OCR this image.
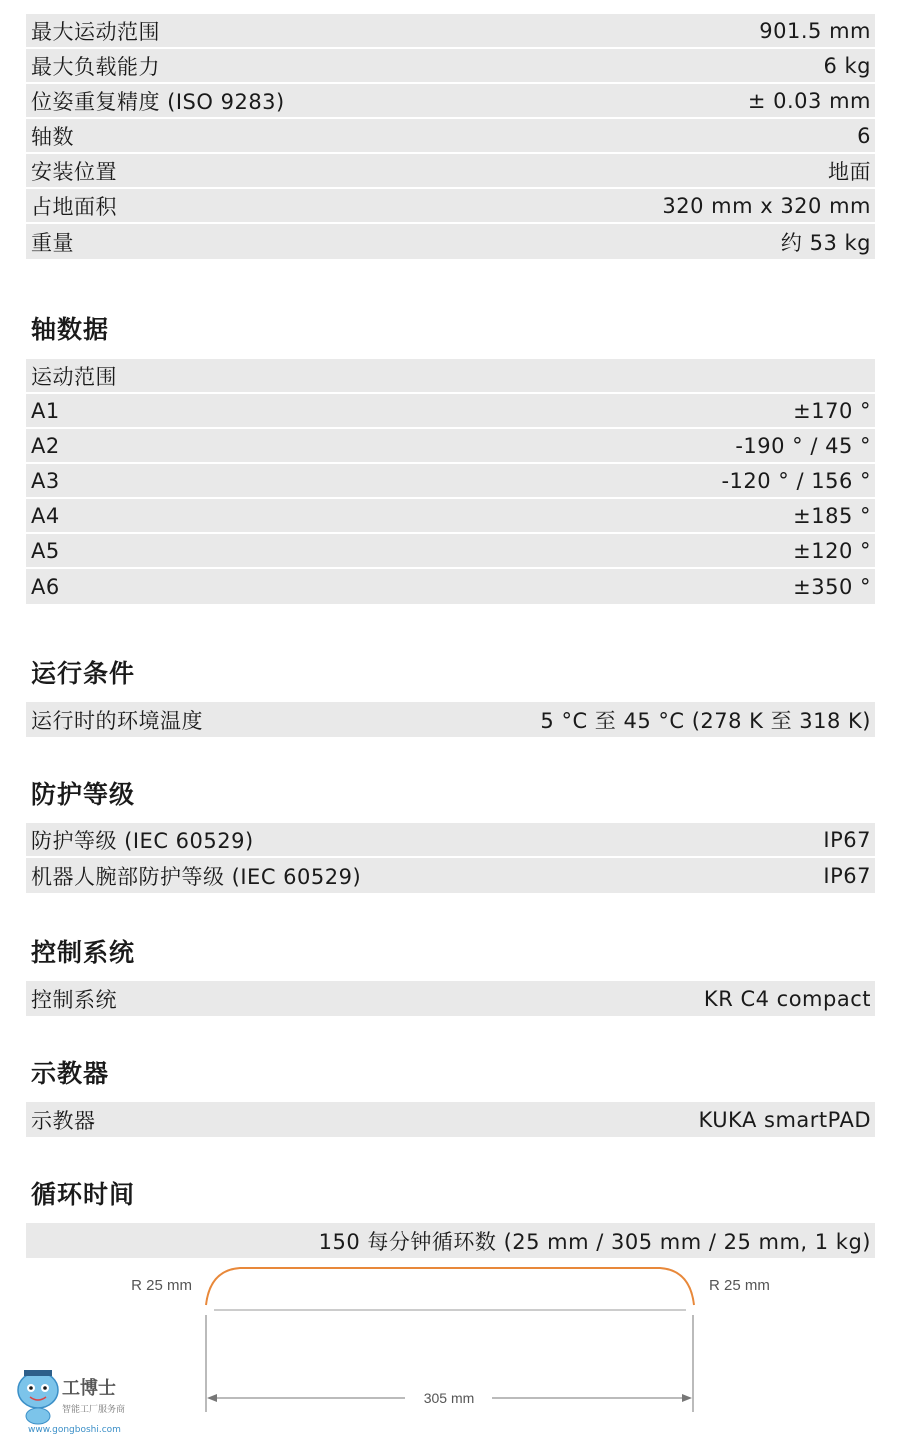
最大运动范围	901.5 mm
最大负载能力	6 kg
位姿重复精度 (ISO 9283)	± 0.03 mm
轴数	6
安装位置	地面
占地面积	320 mm x 320 mm
重量	约 53 kg
轴数据
运动范围
A1	±170 °
A2	-190 ° / 45 °
A3	-120 ° / 156 °
A4	±185 °
A5	±120 °
A6	±350 °
运行条件
运行时的环境温度	5 °C 至 45 °C (278 K 至 318 K)
防护等级
防护等级 (IEC 60529)	IP67
机器人腕部防护等级 (IEC 60529)	IP67
控制系统
控制系统	KR C4 compact
示教器
示教器	KUKA smartPAD
循环时间
150 每分钟循环数 (25 mm / 305 mm / 25 mm, 1 kg)
R 25 mm	R 25 mm
305 mm
工博士
智能工厂服务商
www.gongboshi.com
